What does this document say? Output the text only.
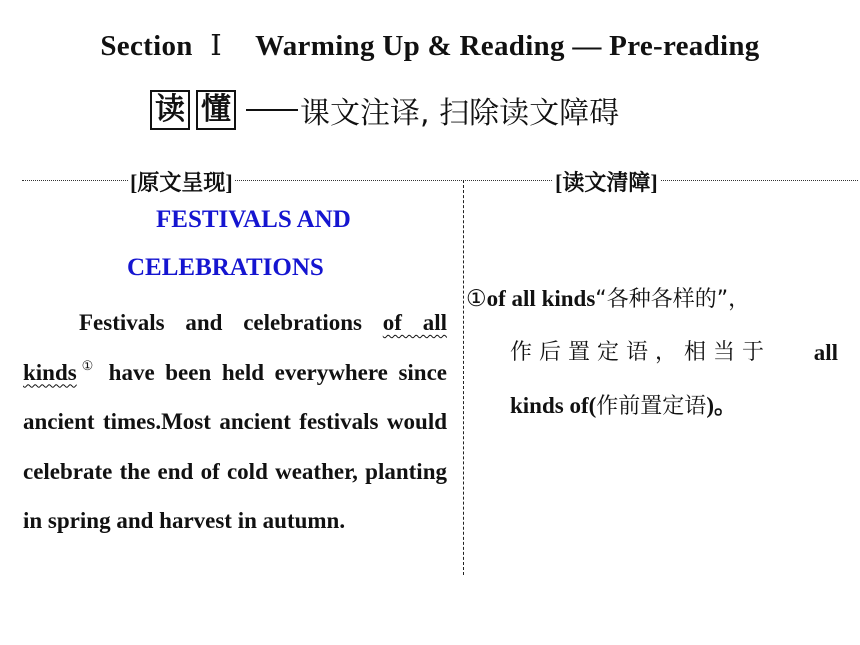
Section Ⅰ Warming Up & Reading — Pre-reading
读 懂 课文注译, 扫除读文障碍
[原文呈现]	[读文清障]
FESTIVALS AND
CELEBRATIONS
Festivals and celebrations of all kinds① have been held everywhere since ancient times.Most ancient festivals would celebrate the end of cold weather, planting in spring and harvest in autumn.
①of all kinds“各种各样的”，
作后置定语，相当于 all
kinds of(作前置定语)。
